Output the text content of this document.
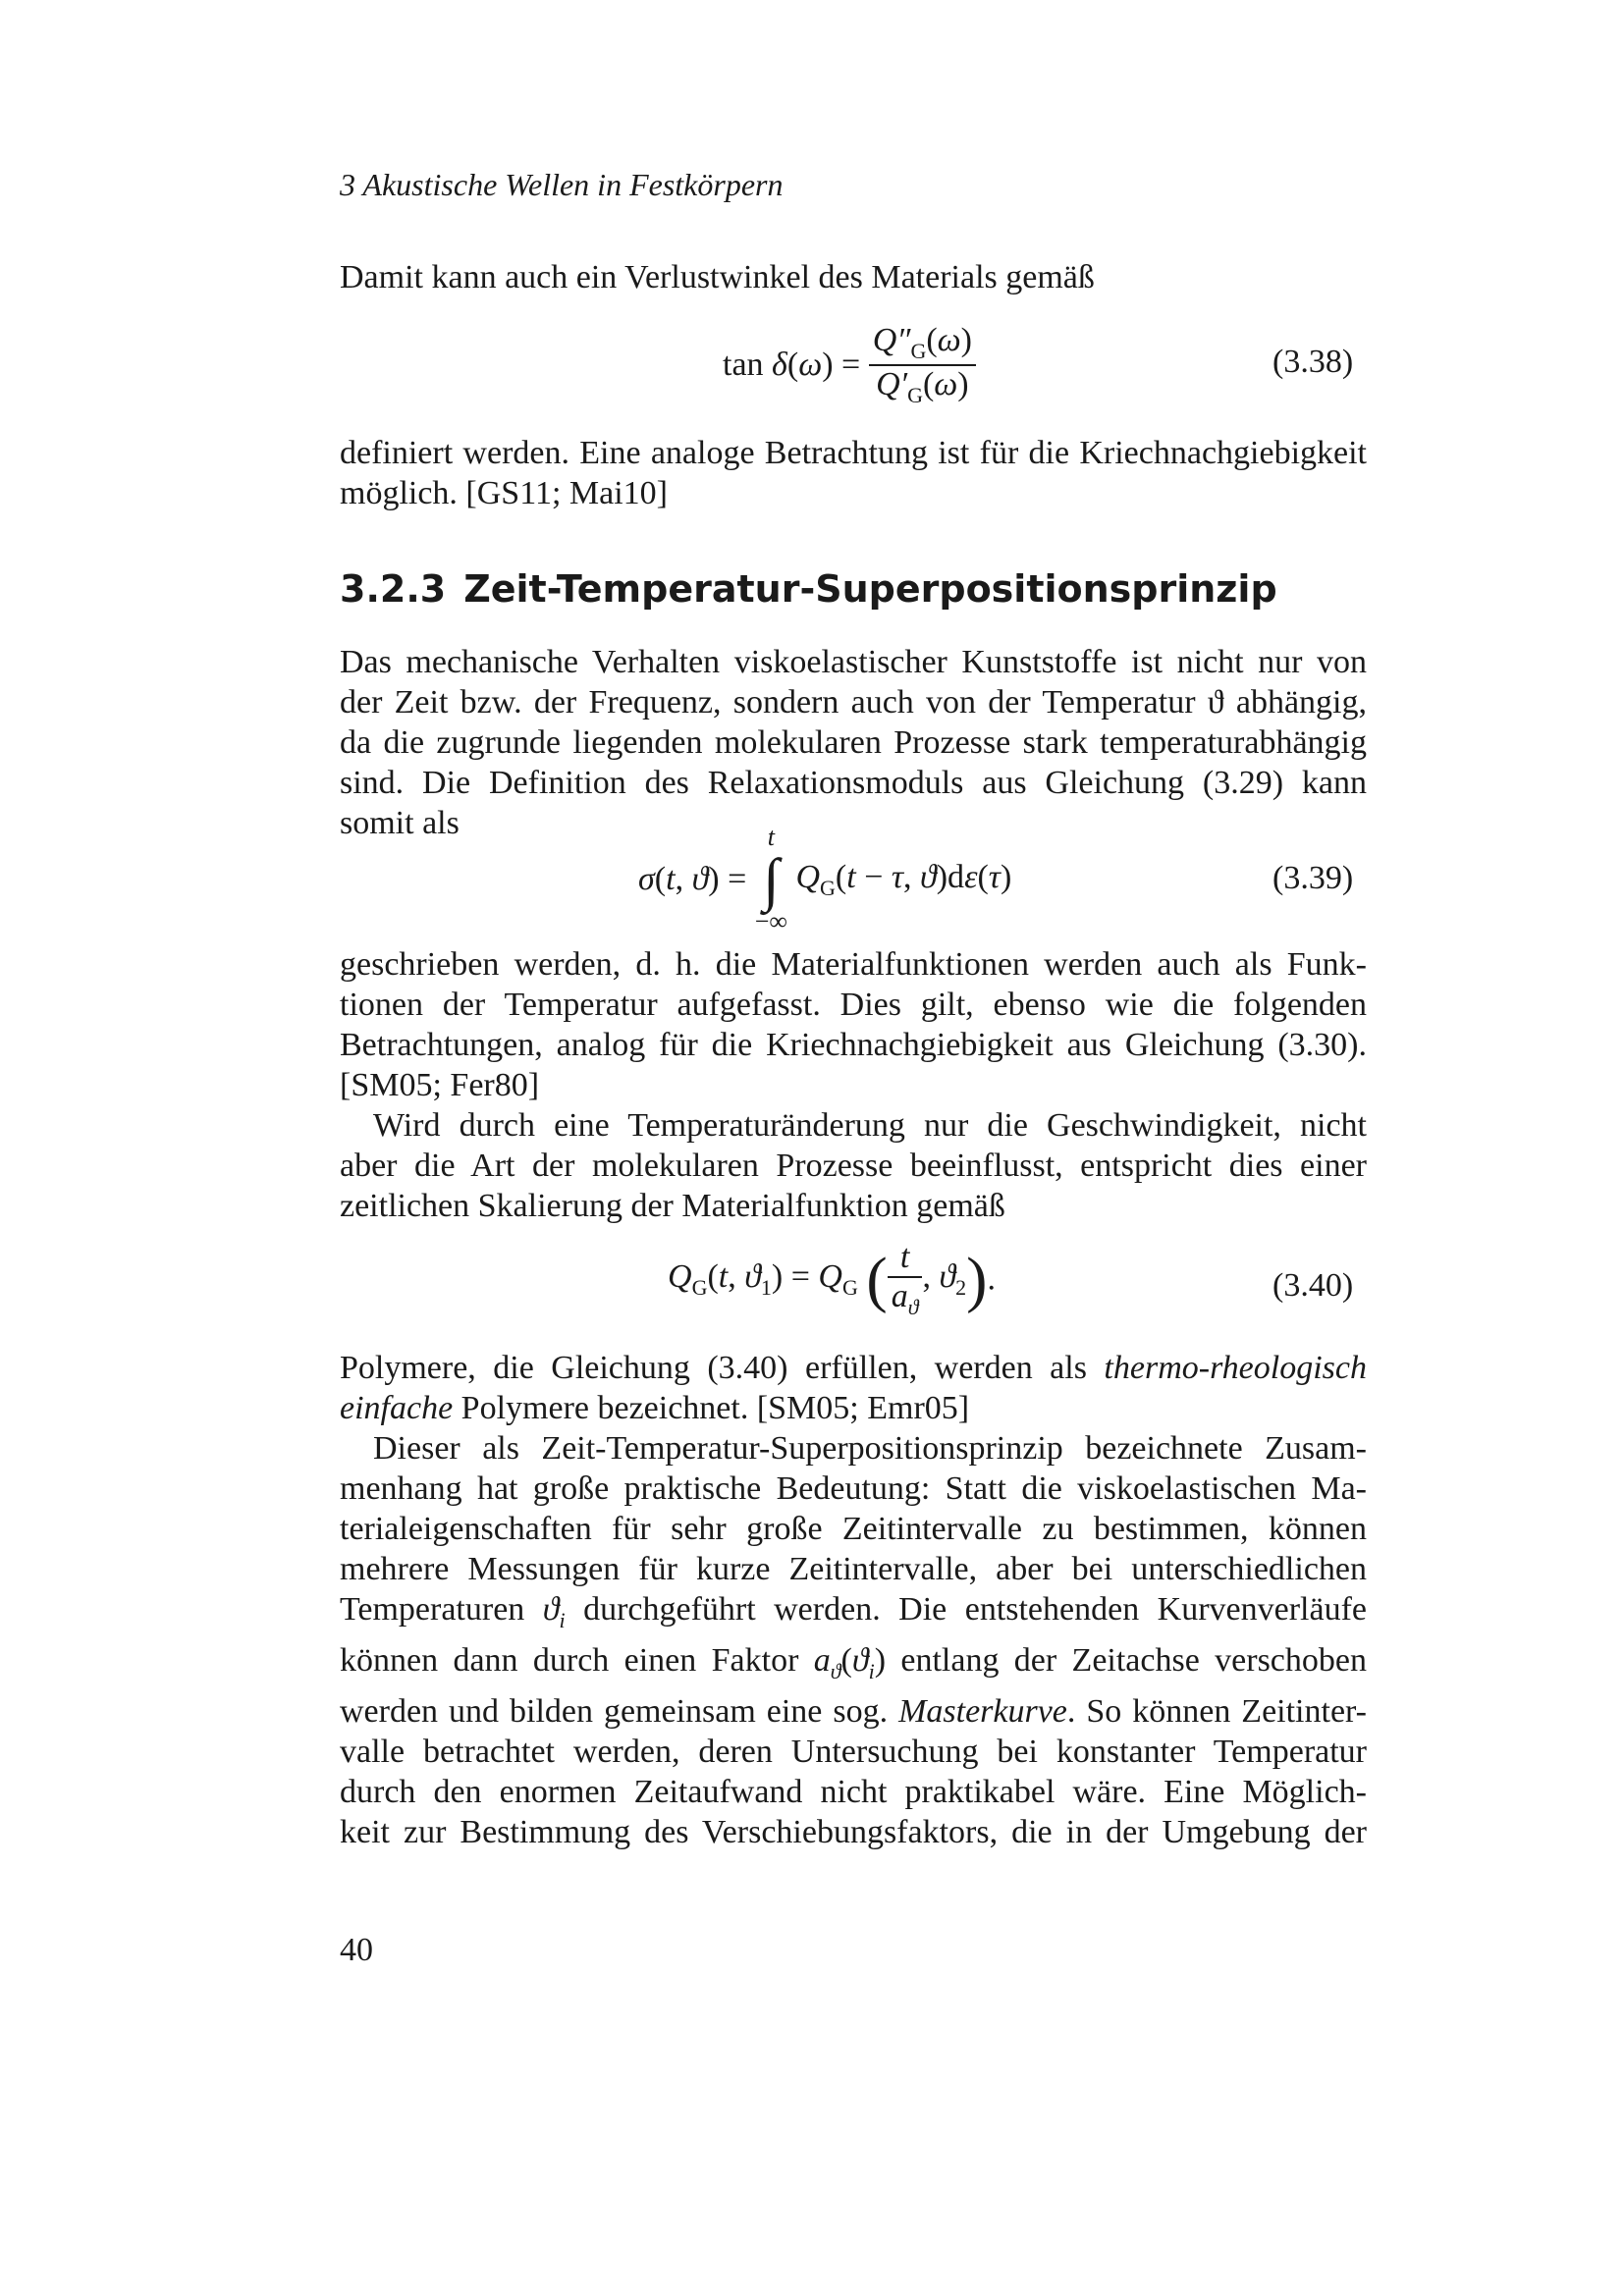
3 Akustische Wellen in Festkörpern
Damit kann auch ein Verlustwinkel des Materials gemäß
$\tan \delta(\omega) = \frac{Q''_G(\omega)}{Q'_G(\omega)}$	(3.38)
definiert werden. Eine analoge Betrachtung ist für die Kriechnachgiebigkeit
möglich. [GS11; Mai10]
3.2.3 Zeit-Temperatur-Superpositionsprinzip
Das mechanische Verhalten viskoelastischer Kunststoffe ist nicht nur von
der Zeit bzw. der Frequenz, sondern auch von der Temperatur ϑ abhängig,
da die zugrunde liegenden molekularen Prozesse stark temperaturabhängig
sind. Die Definition des Relaxationsmoduls aus Gleichung (3.29) kann
somit als
σ(t, ϑ) =
t
∫
−∞
$Q_G(t - \tau$, ϑ)dε(τ)	(3.39)
geschrieben werden, d. h. die Materialfunktionen werden auch als Funk-
tionen der Temperatur aufgefasst. Dies gilt, ebenso wie die folgenden
Betrachtungen, analog für die Kriechnachgiebigkeit aus Gleichung (3.30).
[SM05; Fer80]
Wird durch eine Temperaturänderung nur die Geschwindigkeit, nicht
aber die Art der molekularen Prozesse beeinflusst, entspricht dies einer
zeitlichen Skalierung der Materialfunktion gemäß
$Q_G(t$, $ϑ_1) = Q_G$ ( $\frac{t}{a_ϑ}$ , $ϑ_2$).	(3.40)
Polymere, die Gleichung (3.40) erfüllen, werden als thermo-rheologisch
einfache Polymere bezeichnet. [SM05; Emr05]
Dieser als Zeit-Temperatur-Superpositionsprinzip bezeichnete Zusam-
menhang hat große praktische Bedeutung: Statt die viskoelastischen Ma-
terialeigenschaften für sehr große Zeitintervalle zu bestimmen, können
mehrere Messungen für kurze Zeitintervalle, aber bei unterschiedlichen
Temperaturen $ϑ_i$ durchgeführt werden. Die entstehenden Kurvenverläufe
können dann durch einen Faktor $a_ϑ(ϑ_i)$ entlang der Zeitachse verschoben
werden und bilden gemeinsam eine sog. Masterkurve. So können Zeitinter-
valle betrachtet werden, deren Untersuchung bei konstanter Temperatur
durch den enormen Zeitaufwand nicht praktikabel wäre. Eine Möglich-
keit zur Bestimmung des Verschiebungsfaktors, die in der Umgebung der
40
